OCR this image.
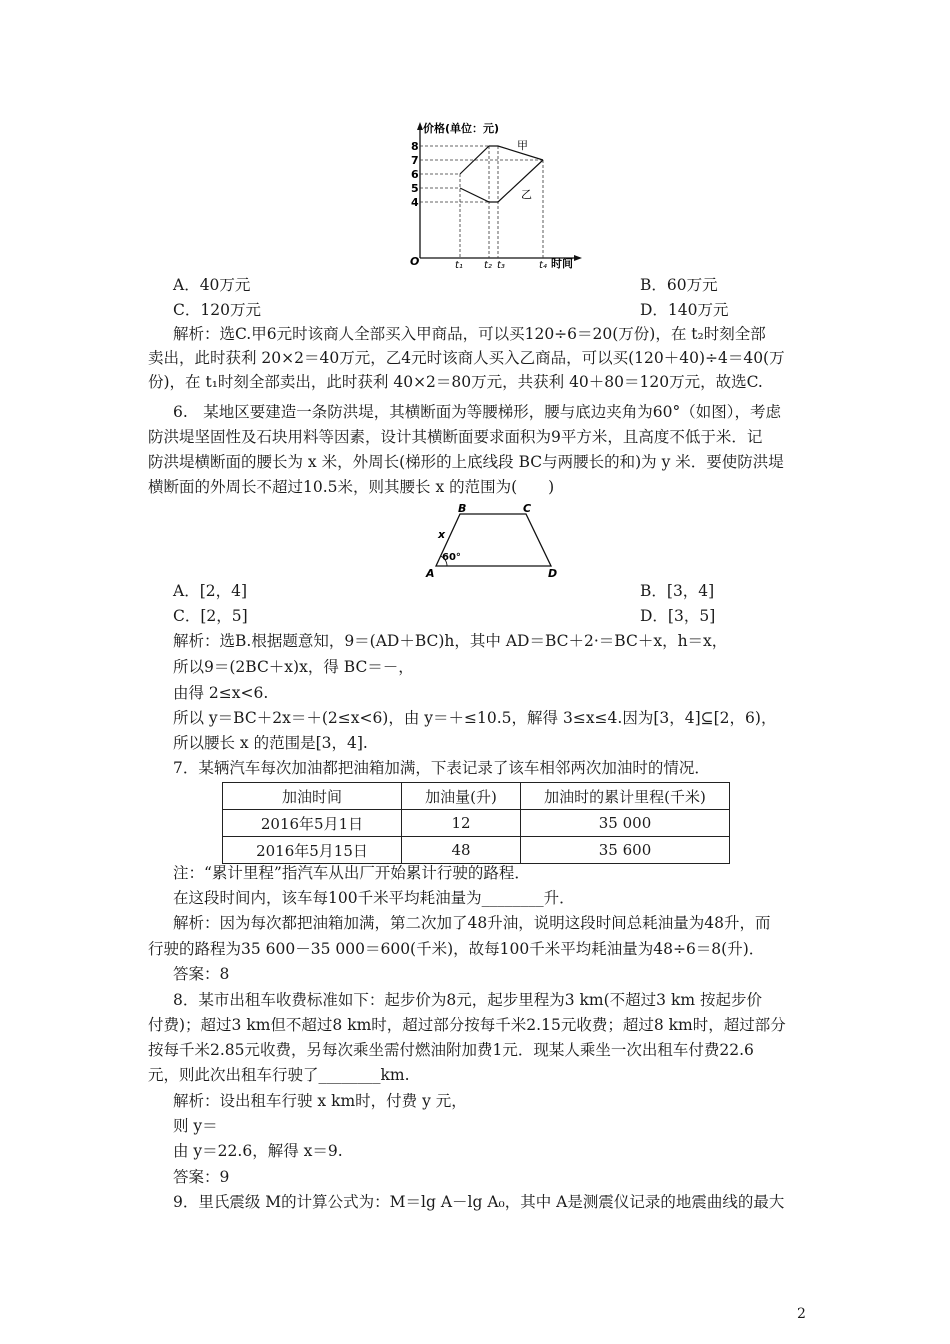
价格(单位：元)
8
7
6
5
4
O	t₁ t₂ t₃	t₄ 时间
甲
乙
A．40万元	B．60万元
C．120万元	D．140万元
解析：选C.甲6元时该商人全部买入甲商品，可以买120÷6＝20(万份)，在 t₂时刻全部
卖出，此时获利 20×2＝40万元，乙4元时该商人买入乙商品，可以买(120＋40)÷4＝40(万
份)，在 t₁时刻全部卖出，此时获利 40×2＝80万元，共获利 40＋80＝120万元，故选C.
6.　某地区要建造一条防洪堤，其横断面为等腰梯形，腰与底边夹角为60°（如图），考虑
防洪堤坚固性及石块用料等因素，设计其横断面要求面积为9平方米，且高度不低于米．记
防洪堤横断面的腰长为 x 米，外周长(梯形的上底线段 BC与两腰长的和)为 y 米．要使防洪堤
横断面的外周长不超过10.5米，则其腰长 x 的范围为(　　)
B	C
A	D
x
60°
A．[2，4]	B．[3，4]
C．[2，5]	D．[3，5]
解析：选B.根据题意知，9＝(AD＋BC)h，其中 AD＝BC＋2·＝BC＋x，h＝x，
所以9＝(2BC＋x)x，得 BC＝－，
由得 2≤x<6.
所以 y＝BC＋2x＝＋(2≤x<6)，由 y＝＋≤10.5，解得 3≤x≤4.因为[3，4]⊆[2，6)，
所以腰长 x 的范围是[3，4].
7．某辆汽车每次加油都把油箱加满，下表记录了该车相邻两次加油时的情况．
加油时间	加油量(升)	加油时的累计里程(千米)
2016年5月1日	12	35 000
2016年5月15日	48	35 600
注：“累计里程”指汽车从出厂开始累计行驶的路程．
在这段时间内，该车每100千米平均耗油量为________升．
解析：因为每次都把油箱加满，第二次加了48升油，说明这段时间总耗油量为48升，而
行驶的路程为35 600－35 000＝600(千米)，故每100千米平均耗油量为48÷6＝8(升)．
答案：8
8．某市出租车收费标准如下：起步价为8元，起步里程为3 km(不超过3 km 按起步价
付费)；超过3 km但不超过8 km时，超过部分按每千米2.15元收费；超过8 km时，超过部分
按每千米2.85元收费，另每次乘坐需付燃油附加费1元．现某人乘坐一次出租车付费22.6
元，则此次出租车行驶了________km.
解析：设出租车行驶 x km时，付费 y 元，
则 y＝
由 y＝22.6，解得 x＝9.
答案：9
9．里氏震级 M的计算公式为：M＝lg A－lg A₀，其中 A是测震仪记录的地震曲线的最大
2
